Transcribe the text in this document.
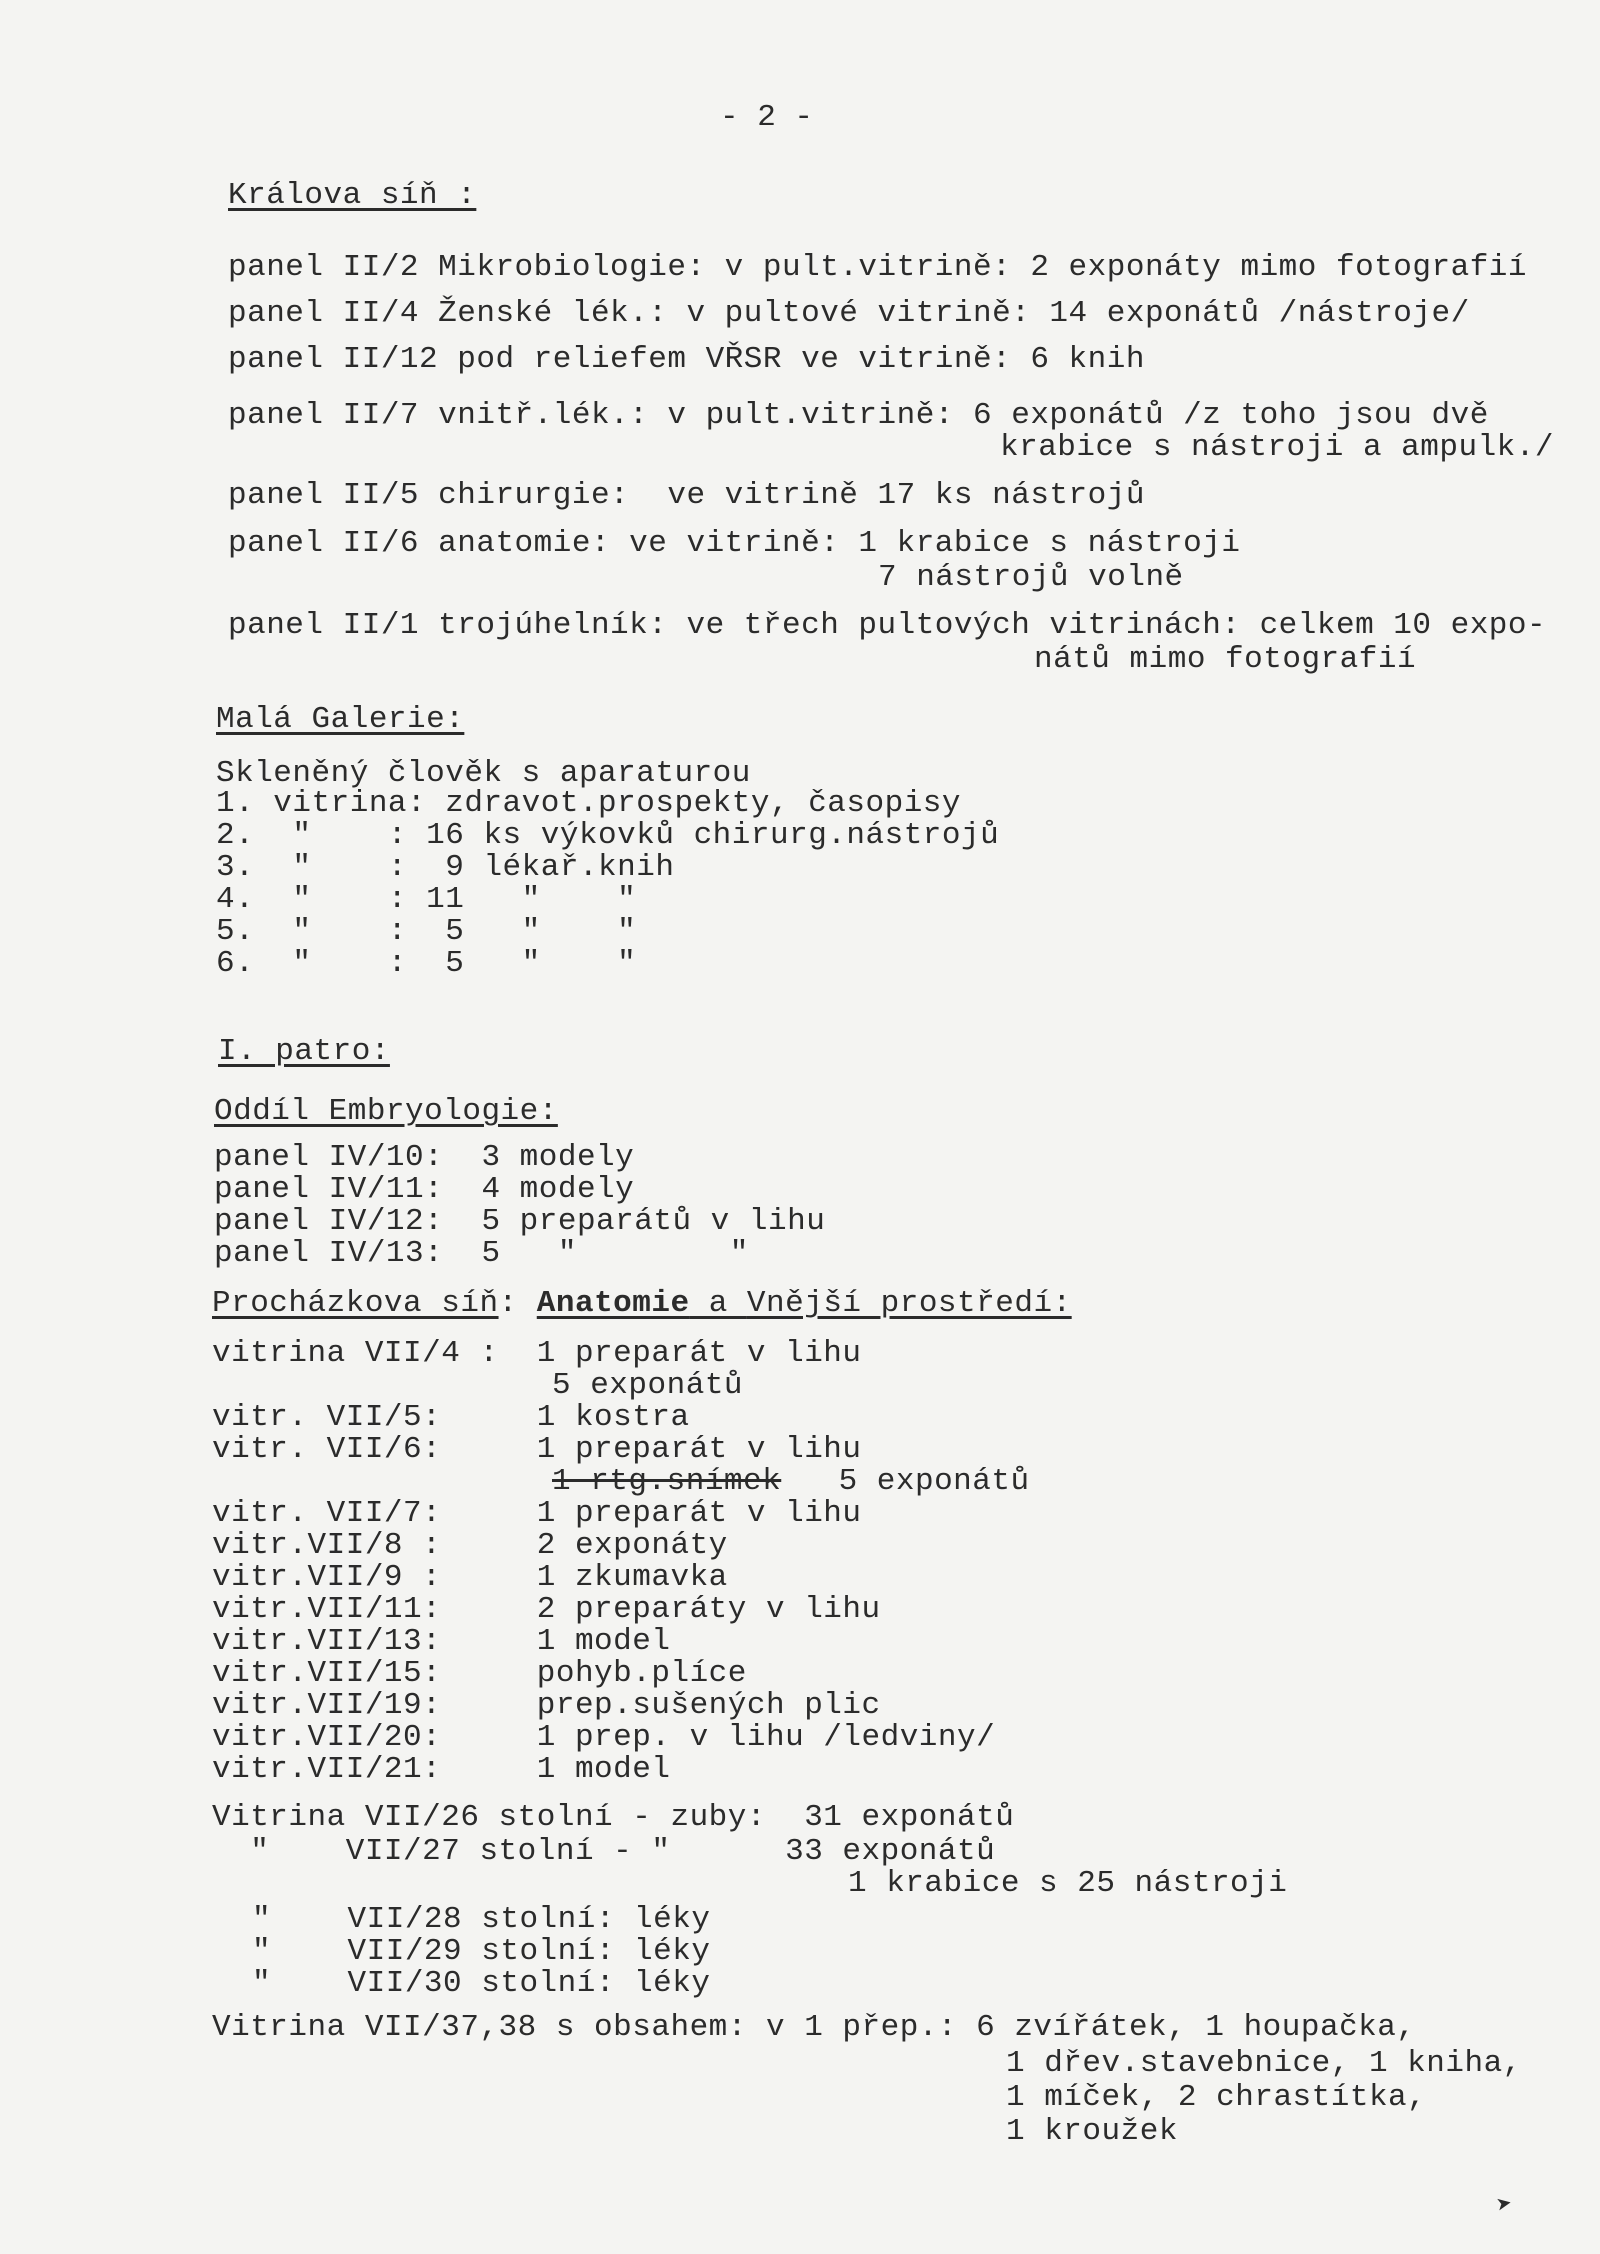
- 2 -
Králova síň :
panel II/2 Mikrobiologie: v pult.vitrině: 2 exponáty mimo fotografií
panel II/4 Ženské lék.: v pultové vitrině: 14 exponátů /nástroje/
panel II/12 pod reliefem VŘSR ve vitrině: 6 knih
panel II/7 vnitř.lék.: v pult.vitrině: 6 exponátů /z toho jsou dvě
krabice s nástroji a ampulk./
panel II/5 chirurgie:  ve vitrině 17 ks nástrojů
panel II/6 anatomie: ve vitrině: 1 krabice s nástroji
7 nástrojů volně
panel II/1 trojúhelník: ve třech pultových vitrinách: celkem 10 expo-
nátů mimo fotografií
Malá Galerie:
Skleněný člověk s aparaturou
1. vitrina: zdravot.prospekty, časopisy
2.  "    : 16 ks výkovků chirurg.nástrojů
3.  "    :  9 lékař.knih
4.  "    : 11   "    "
5.  "    :  5   "    "
6.  "    :  5   "    "
I. patro:
Oddíl Embryologie:
panel IV/10:  3 modely
panel IV/11:  4 modely
panel IV/12:  5 preparátů v lihu
panel IV/13:  5   "        "
Procházkova síň: Anatomie a Vnější prostředí:
vitrina VII/4 :  1 preparát v lihu
5 exponátů
vitr. VII/5:     1 kostra
vitr. VII/6:     1 preparát v lihu
1 rtg.snímek 5 exponátů
vitr. VII/7:     1 preparát v lihu
vitr.VII/8 :     2 exponáty
vitr.VII/9 :     1 zkumavka
vitr.VII/11:     2 preparáty v lihu
vitr.VII/13:     1 model
vitr.VII/15:     pohyb.plíce
vitr.VII/19:     prep.sušených plic
vitr.VII/20:     1 prep. v lihu /ledviny/
vitr.VII/21:     1 model
Vitrina VII/26 stolní - zuby:  31 exponátů
"    VII/27 stolní - "      33 exponátů
1 krabice s 25 nástroji
"    VII/28 stolní: léky
"    VII/29 stolní: léky
"    VII/30 stolní: léky
Vitrina VII/37,38 s obsahem: v 1 přep.: 6 zvířátek, 1 houpačka,
1 dřev.stavebnice, 1 kniha,
1 míček, 2 chrastítka,
1 kroužek
➤
